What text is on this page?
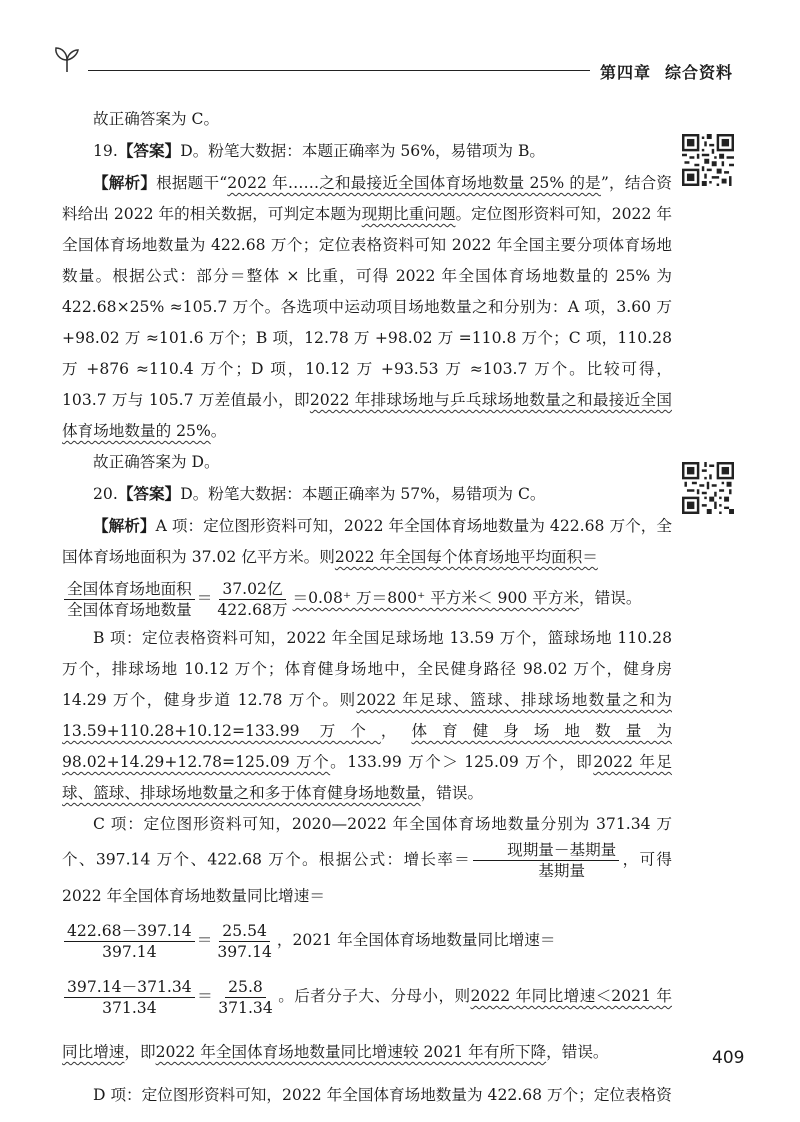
第四章 综合资料

故正确答案为 C。

19.【答案】D。粉笔大数据：本题正确率为 56%，易错项为 B。

【解析】根据题干“2022 年……之和最接近全国体育场地数量 25% 的是”，结合资料给出 2022 年的相关数据，可判定本题为现期比重问题。定位图形资料可知，2022 年全国体育场地数量为 422.68 万个；定位表格资料可知 2022 年全国主要分项体育场地数量。根据公式：部分＝整体 × 比重，可得 2022 年全国体育场地数量的 25% 为 422.68×25% ≈105.7 万个。各选项中运动项目场地数量之和分别为：A 项，3.60 万 +98.02 万 ≈101.6 万个；B 项，12.78 万 +98.02 万 =110.8 万个；C 项，110.28 万 +876 ≈110.4 万个；D 项，10.12 万 +93.53 万 ≈103.7 万个。比较可得，103.7 万与 105.7 万差值最小，即2022 年排球场地与乒乓球场地数量之和最接近全国体育场地数量的 25%。

故正确答案为 D。

20.【答案】D。粉笔大数据：本题正确率为 57%，易错项为 C。

【解析】A 项：定位图形资料可知，2022 年全国体育场地数量为 422.68 万个，全国体育场地面积为 37.02 亿平方米。则2022 年全国每个体育场地平均面积＝

$\frac{\text{全国体育场地面积}}{\text{全国体育场地数量}} = \frac{\text{37.02亿}}{\text{422.68万}} =0.08^+$ 万＝800⁺ 平方米＜ 900 平方米，错误。

B 项：定位表格资料可知，2022 年全国足球场地 13.59 万个，篮球场地 110.28 万个，排球场地 10.12 万个；体育健身场地中，全民健身路径 98.02 万个，健身房 14.29 万个，健身步道 12.78 万个。则2022 年足球、篮球、排球场地数量之和为 13.59+110.28+10.12=133.99 万个，体育健身场地数量为 98.02+14.29+12.78=125.09 万个。133.99 万个＞ 125.09 万个，即2022 年足球、篮球、排球场地数量之和多于体育健身场地数量，错误。

C 项：定位图形资料可知，2020—2022 年全国体育场地数量分别为 371.34 万个、397.14 万个、422.68 万个。根据公式：增长率＝ $\frac{\text{现期量－基期量}}{\text{基期量}}$ ，可得 2022 年全国体育场地数量同比增速＝

$\frac{422.68-397.14}{397.14} = \frac{25.54}{397.14}$ ，2021 年全国体育场地数量同比增速＝

$\frac{397.14-371.34}{371.34} = \frac{25.8}{371.34}$ 。后者分子大、分母小，则2022 年同比增速＜2021 年同比增速，即2022 年全国体育场地数量同比增速较 2021 年有所下降，错误。

D 项：定位图形资料可知，2022 年全国体育场地数量为 422.68 万个；定位表格资

409
